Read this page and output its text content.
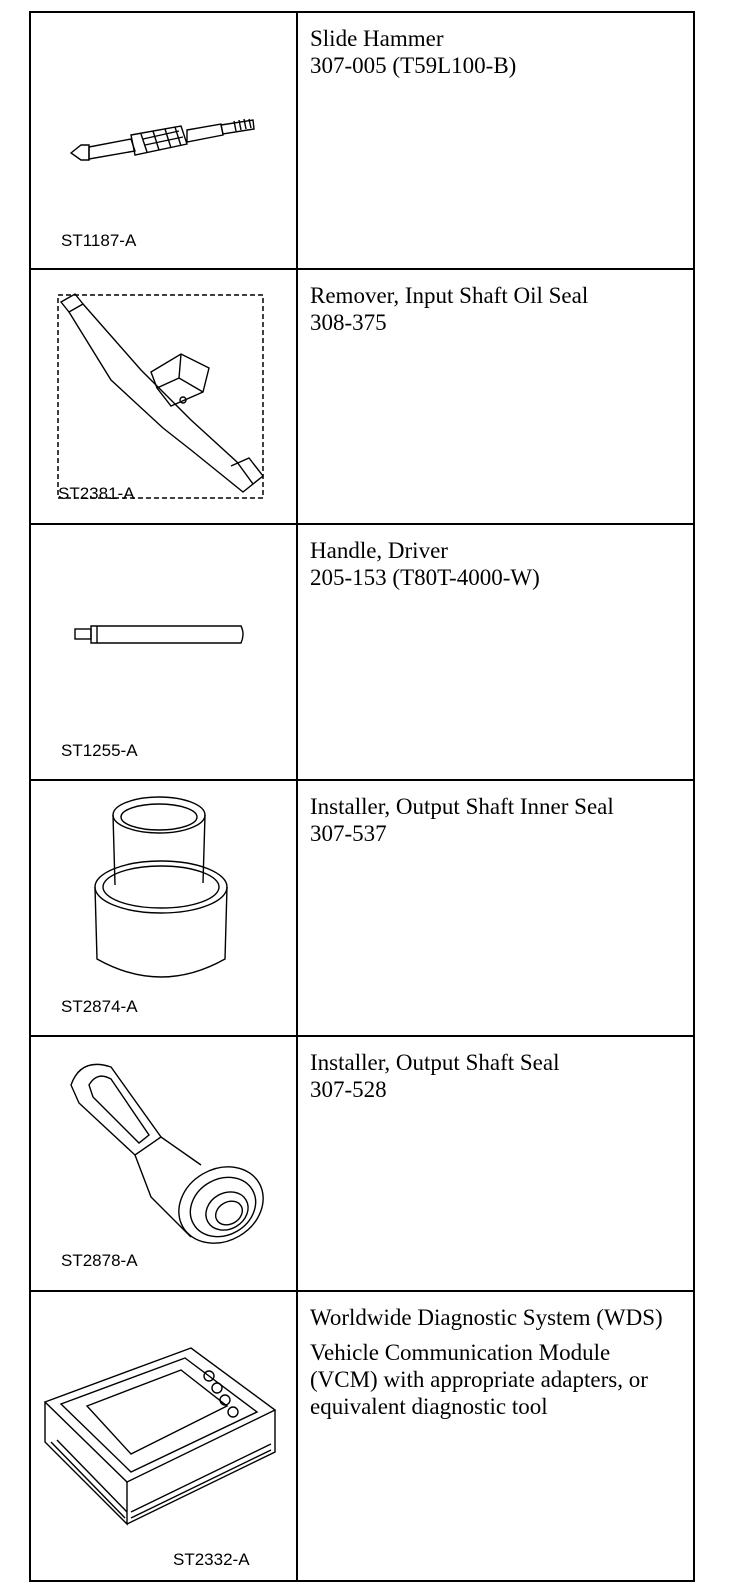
ST1187-A	Slide Hammer

307-005 (T59L100-B)

ST2381-A	Remover, Input Shaft Oil Seal

308-375

ST1255-A	Handle, Driver

205-153 (T80T-4000-W)

ST2874-A	Installer, Output Shaft Inner Seal

307-537

ST2878-A	Installer, Output Shaft Seal

307-528

ST2332-A	Worldwide Diagnostic System (WDS)

Vehicle Communication Module (VCM) with appropriate adapters, or equivalent diagnostic tool
